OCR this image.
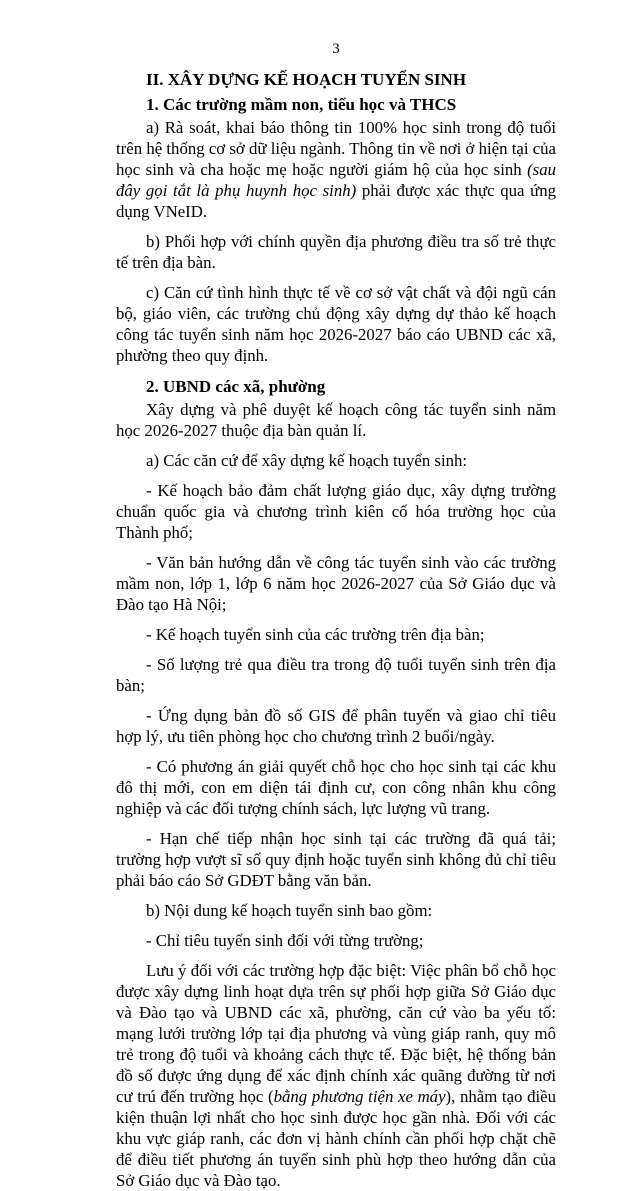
3
II. XÂY DỰNG KẾ HOẠCH TUYỂN SINH
1. Các trường mầm non, tiểu học và THCS

a) Rà soát, khai báo thông tin 100% học sinh trong độ tuổi trên hệ thống cơ sở dữ liệu ngành. Thông tin về nơi ở hiện tại của học sinh và cha hoặc mẹ hoặc người giám hộ của học sinh (sau đây gọi tắt là phụ huynh học sinh) phải được xác thực qua ứng dụng VNeID.

b) Phối hợp với chính quyền địa phương điều tra số trẻ thực tế trên địa bàn.

c) Căn cứ tình hình thực tế về cơ sở vật chất và đội ngũ cán bộ, giáo viên, các trường chủ động xây dựng dự thảo kế hoạch công tác tuyển sinh năm học 2026-2027 báo cáo UBND các xã, phường theo quy định.

2. UBND các xã, phường

Xây dựng và phê duyệt kế hoạch công tác tuyển sinh năm học 2026-2027 thuộc địa bàn quản lí.

a) Các căn cứ để xây dựng kế hoạch tuyển sinh:

- Kế hoạch bảo đảm chất lượng giáo dục, xây dựng trường chuẩn quốc gia và chương trình kiên cố hóa trường học của Thành phố;

- Văn bản hướng dẫn về công tác tuyển sinh vào các trường mầm non, lớp 1, lớp 6 năm học 2026-2027 của Sở Giáo dục và Đào tạo Hà Nội;

- Kế hoạch tuyển sinh của các trường trên địa bàn;

- Số lượng trẻ qua điều tra trong độ tuổi tuyển sinh trên địa bàn;

- Ứng dụng bản đồ số GIS để phân tuyến và giao chỉ tiêu hợp lý, ưu tiên phòng học cho chương trình 2 buổi/ngày.

- Có phương án giải quyết chỗ học cho học sinh tại các khu đô thị mới, con em diện tái định cư, con công nhân khu công nghiệp và các đối tượng chính sách, lực lượng vũ trang.

- Hạn chế tiếp nhận học sinh tại các trường đã quá tải; trường hợp vượt sĩ số quy định hoặc tuyển sinh không đủ chỉ tiêu phải báo cáo Sở GDĐT bằng văn bản.

b) Nội dung kế hoạch tuyển sinh bao gồm:

- Chỉ tiêu tuyển sinh đối với từng trường;

Lưu ý đối với các trường hợp đặc biệt: Việc phân bổ chỗ học được xây dựng linh hoạt dựa trên sự phối hợp giữa Sở Giáo dục và Đào tạo và UBND các xã, phường, căn cứ vào ba yếu tố: mạng lưới trường lớp tại địa phương và vùng giáp ranh, quy mô trẻ trong độ tuổi và khoảng cách thực tế. Đặc biệt, hệ thống bản đồ số được ứng dụng để xác định chính xác quãng đường từ nơi cư trú đến trường học (bằng phương tiện xe máy), nhằm tạo điều kiện thuận lợi nhất cho học sinh được học gần nhà. Đối với các khu vực giáp ranh, các đơn vị hành chính cần phối hợp chặt chẽ để điều tiết phương án tuyển sinh phù hợp theo hướng dẫn của Sở Giáo dục và Đào tạo.
